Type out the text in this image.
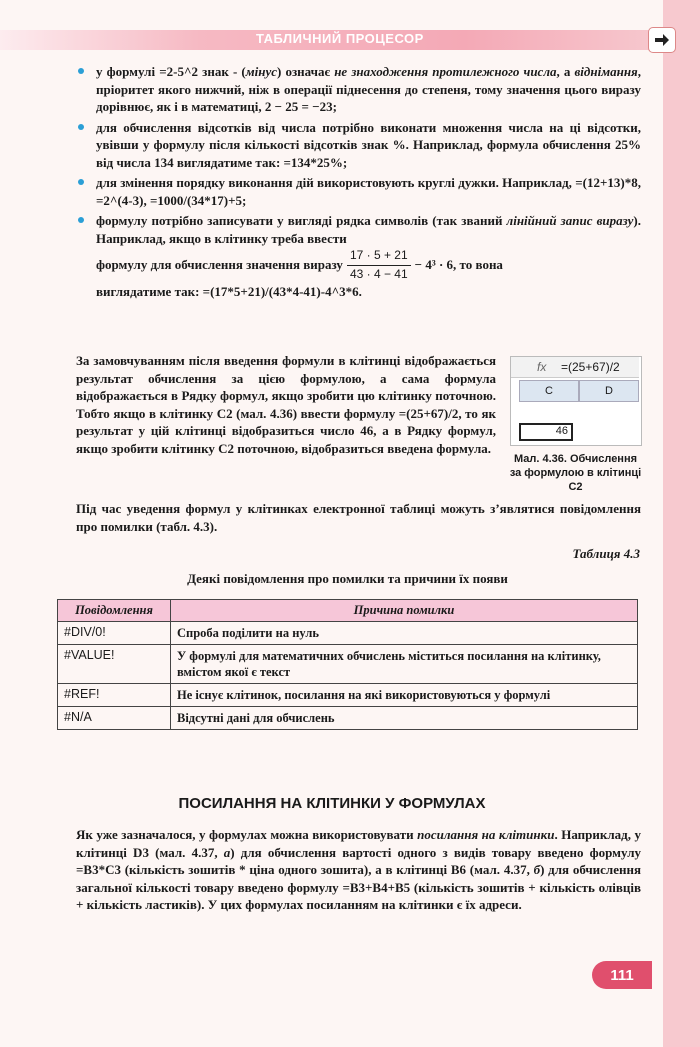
ТАБЛИЧНИЙ ПРОЦЕСОР
у формулі =2-5^2 знак - (мінус) означає не знаходження протилежного числа, а віднімання, пріоритет якого нижчий, ніж в операції піднесення до степеня, тому значення цього виразу дорівнює, як і в математиці, 2 − 25 = −23;
для обчислення відсотків від числа потрібно виконати множення числа на ці відсотки, увівши у формулу після кількості відсотків знак %. Наприклад, формула обчислення 25% від числа 134 виглядатиме так: =134*25%;
для змінення порядку виконання дій використовують круглі дужки. Наприклад, =(12+13)*8, =2^(4-3), =1000/(34*17)+5;
формулу потрібно записувати у вигляді рядка символів (так званий лінійний запис виразу). Наприклад, якщо в клітинку треба ввести
формулу для обчислення значення виразу $\frac{17 \cdot 5 + 21}{43 \cdot 4 - 41} - 4^3 \cdot 6$, то вона
виглядатиме так: =(17*5+21)/(43*4-41)-4^3*6.
За замовчуванням після введення формули в клітинці відображається результат обчислення за цією формулою, а сама формула відображається в Рядку формул, якщо зробити цю клітинку поточною. Тобто якщо в клітинку C2 (мал. 4.36) ввести формулу =(25+67)/2, то як результат у цій клітинці відобразиться число 46, а в Рядку формул, якщо зробити клітинку C2 поточною, відобразиться введена формула.
fx =(25+67)/2
C	D
46
Мал. 4.36. Обчислення за формулою в клітинці C2
Під час уведення формул у клітинках електронної таблиці можуть з’являтися повідомлення про помилки (табл. 4.3).
Таблиця 4.3
Деякі повідомлення про помилки та причини їх появи
Повідомлення	Причина помилки
#DIV/0!	Спроба поділити на нуль
#VALUE!	У формулі для математичних обчислень міститься посилання на клітинку, вмістом якої є текст
#REF!	Не існує клітинок, посилання на які використовуються у формулі
#N/A	Відсутні дані для обчислень
ПОСИЛАННЯ НА КЛІТИНКИ У ФОРМУЛАХ
Як уже зазначалося, у формулах можна використовувати посилання на клітинки. Наприклад, у клітинці D3 (мал. 4.37, а) для обчислення вартості одного з видів товару введено формулу =B3*C3 (кількість зошитів * ціна одного зошита), а в клітинці B6 (мал. 4.37, б) для обчислення загальної кількості товару введено формулу =B3+B4+B5 (кількість зошитів + кількість олівців + кількість ластиків). У цих формулах посиланням на клітинки є їх адреси.
111
